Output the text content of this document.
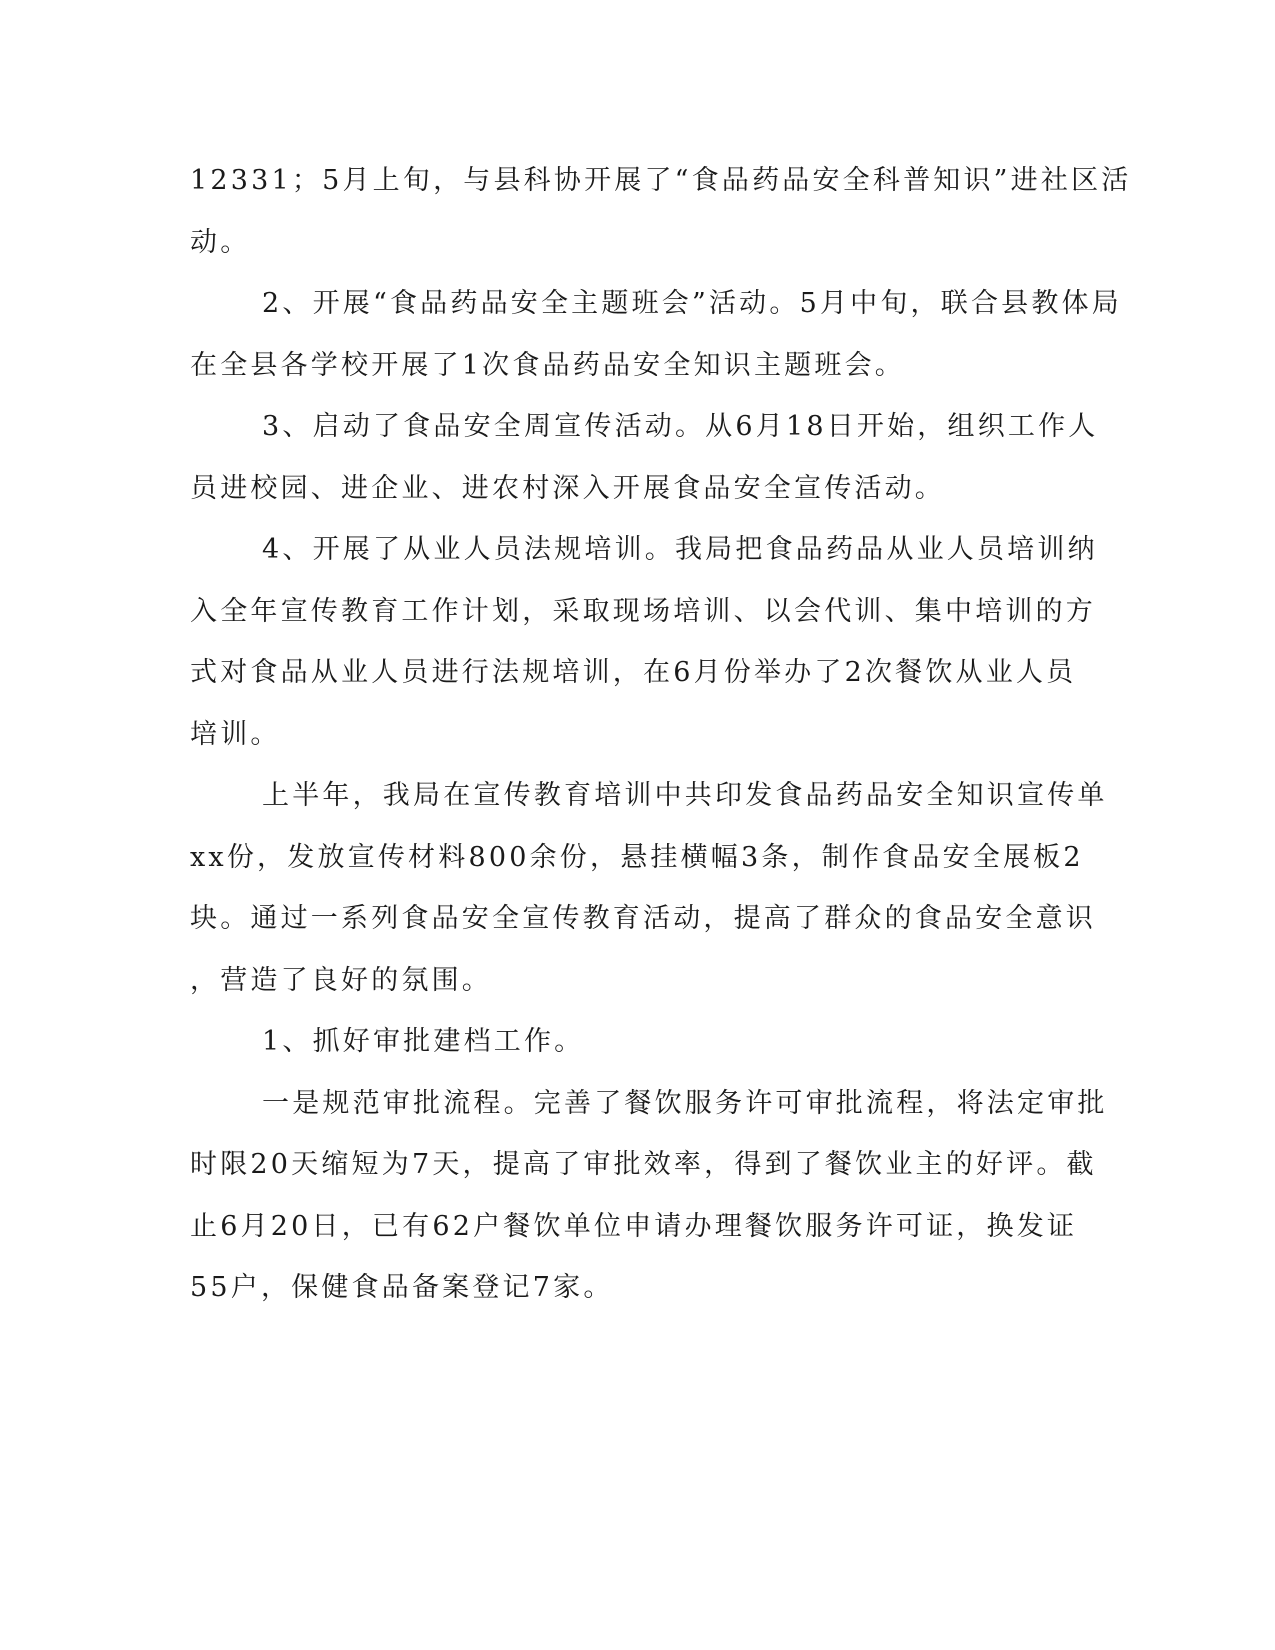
12331；5月上旬，与县科协开展了“食品药品安全科普知识”进社区活
动。
2、开展“食品药品安全主题班会”活动。5月中旬，联合县教体局
在全县各学校开展了1次食品药品安全知识主题班会。
3、启动了食品安全周宣传活动。从6月18日开始，组织工作人
员进校园、进企业、进农村深入开展食品安全宣传活动。
4、开展了从业人员法规培训。我局把食品药品从业人员培训纳
入全年宣传教育工作计划，采取现场培训、以会代训、集中培训的方
式对食品从业人员进行法规培训，在6月份举办了2次餐饮从业人员
培训。
上半年，我局在宣传教育培训中共印发食品药品安全知识宣传单
xx份，发放宣传材料800余份，悬挂横幅3条，制作食品安全展板2
块。通过一系列食品安全宣传教育活动，提高了群众的食品安全意识
，营造了良好的氛围。
1、抓好审批建档工作。
一是规范审批流程。完善了餐饮服务许可审批流程，将法定审批
时限20天缩短为7天，提高了审批效率，得到了餐饮业主的好评。截
止6月20日，已有62户餐饮单位申请办理餐饮服务许可证，换发证
55户，保健食品备案登记7家。
